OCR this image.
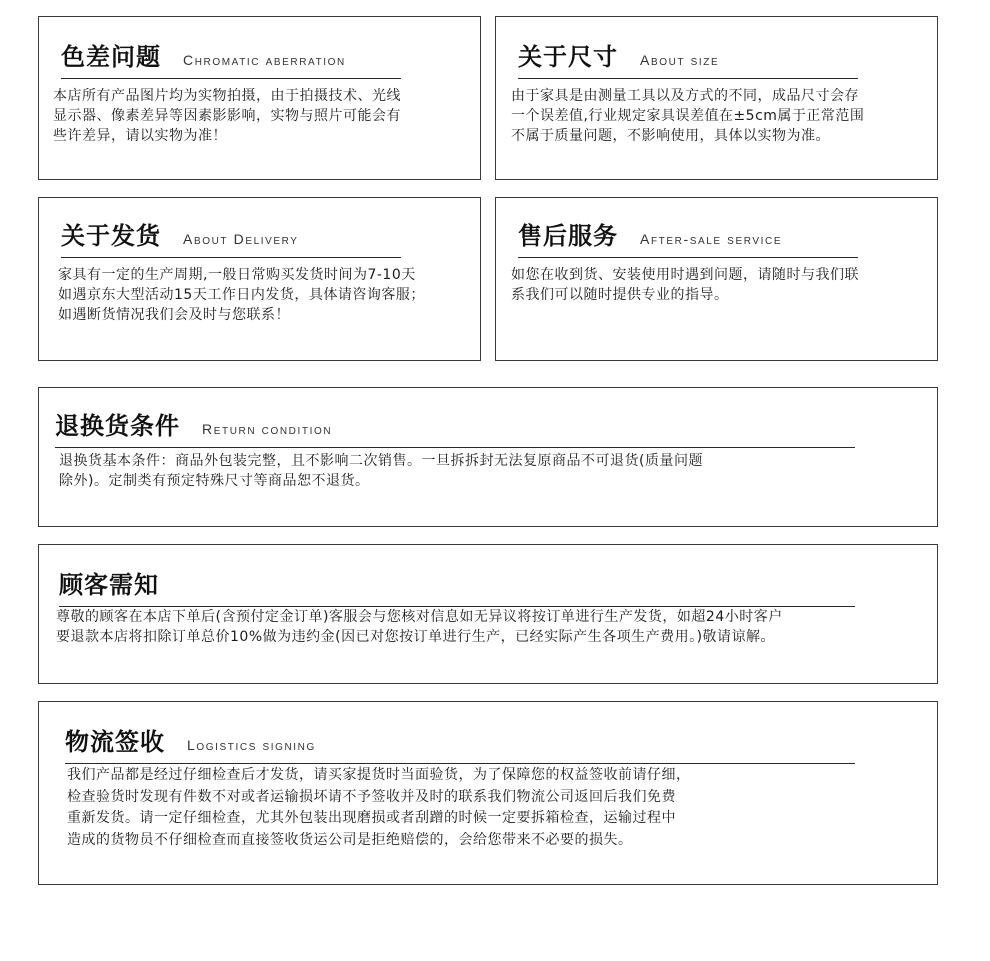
色差问题 Chromatic aberration

本店所有产品图片均为实物拍摄，由于拍摄技术、光线
显示器、像素差异等因素影影响，实物与照片可能会有
些许差异，请以实物为准！

关于尺寸 About size

由于家具是由测量工具以及方式的不同，成品尺寸会存
一个误差值,行业规定家具误差值在±5cm属于正常范围
不属于质量问题，不影响使用，具体以实物为准。

关于发货 About Delivery

家具有一定的生产周期,一般日常购买发货时间为7-10天
如遇京东大型活动15天工作日内发货，具体请咨询客服；
如遇断货情况我们会及时与您联系！

售后服务 After-sale service

如您在收到货、安装使用时遇到问题，请随时与我们联
系我们可以随时提供专业的指导。

退换货条件 Return condition

退换货基本条件：商品外包装完整，且不影响二次销售。一旦拆拆封无法复原商品不可退货(质量问题
除外)。定制类有预定特殊尺寸等商品恕不退货。

顾客需知

尊敬的顾客在本店下单后(含预付定金订单)客服会与您核对信息如无异议将按订单进行生产发货，如超24小时客户
要退款本店将扣除订单总价10%做为违约金(因已对您按订单进行生产，已经实际产生各项生产费用。)敬请谅解。

物流签收 Logistics signing

我们产品都是经过仔细检查后才发货，请买家提货时当面验货，为了保障您的权益签收前请仔细，
检查验货时发现有件数不对或者运输损坏请不予签收并及时的联系我们物流公司返回后我们免费
重新发货。请一定仔细检查，尤其外包装出现磨损或者刮蹭的时候一定要拆箱检查，运输过程中
造成的货物员不仔细检查而直接签收货运公司是拒绝赔偿的，会给您带来不必要的损失。
